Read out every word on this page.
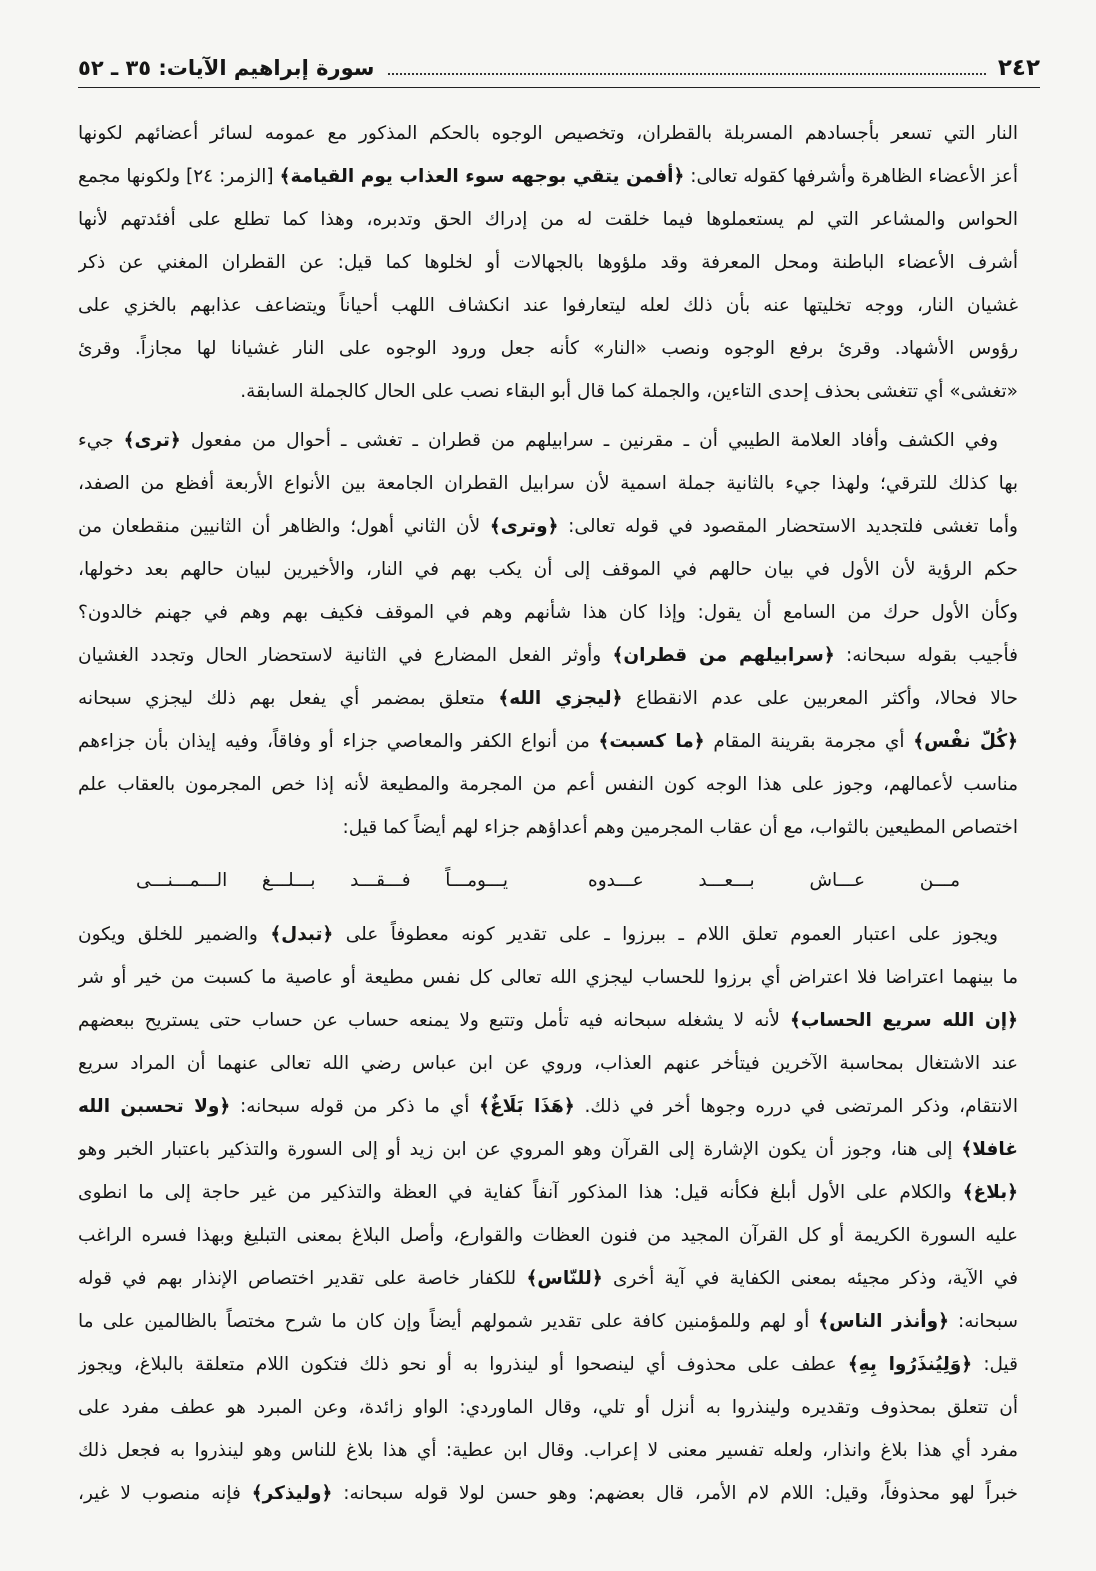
٢٤٢
سورة إبراهيم الآيات: ٣٥ ـ ٥٢
النار التي تسعر بأجسادهم المسربلة بالقطران، وتخصيص الوجوه بالحكم المذكور مع عمومه لسائر أعضائهم لكونها
أعز الأعضاء الظاهرة وأشرفها كقوله تعالى: ﴿أفمن يتقي بوجهه سوء العذاب يوم القيامة﴾ [الزمر: ٢٤] ولكونها مجمع
الحواس والمشاعر التي لم يستعملوها فيما خلقت له من إدراك الحق وتدبره، وهذا كما تطلع على أفئدتهم لأنها
أشرف الأعضاء الباطنة ومحل المعرفة وقد ملؤوها بالجهالات أو لخلوها كما قيل: عن القطران المغني عن ذكر
غشيان النار، ووجه تخليتها عنه بأن ذلك لعله ليتعارفوا عند انكشاف اللهب أحياناً ويتضاعف عذابهم بالخزي على
رؤوس الأشهاد. وقرئ برفع الوجوه ونصب «النار» كأنه جعل ورود الوجوه على النار غشيانا لها مجازاً. وقرئ
«تغشى» أي تتغشى بحذف إحدى التاءين، والجملة كما قال أبو البقاء نصب على الحال كالجملة السابقة.
وفي الكشف وأفاد العلامة الطيبي أن ـ مقرنين ـ سرابيلهم من قطران ـ تغشى ـ أحوال من مفعول ﴿ترى﴾ جيء
بها كذلك للترقي؛ ولهذا جيء بالثانية جملة اسمية لأن سرابيل القطران الجامعة بين الأنواع الأربعة أفظع من الصفد،
وأما تغشى فلتجديد الاستحضار المقصود في قوله تعالى: ﴿وترى﴾ لأن الثاني أهول؛ والظاهر أن الثانيين منقطعان من
حكم الرؤية لأن الأول في بيان حالهم في الموقف إلى أن يكب بهم في النار، والأخيرين لبيان حالهم بعد دخولها،
وكأن الأول حرك من السامع أن يقول: وإذا كان هذا شأنهم وهم في الموقف فكيف بهم وهم في جهنم خالدون؟
فأجيب بقوله سبحانه: ﴿سرابيلهم من قطران﴾ وأوثر الفعل المضارع في الثانية لاستحضار الحال وتجدد الغشيان
حالا فحالا، وأكثر المعربين على عدم الانقطاع ﴿ليجزي الله﴾ متعلق بمضمر أي يفعل بهم ذلك ليجزي سبحانه
﴿كُلّ نفْس﴾ أي مجرمة بقرينة المقام ﴿ما كسبت﴾ من أنواع الكفر والمعاصي جزاء أو وفاقاً، وفيه إيذان بأن جزاءهم
مناسب لأعمالهم، وجوز على هذا الوجه كون النفس أعم من المجرمة والمطيعة لأنه إذا خص المجرمون بالعقاب علم
اختصاص المطيعين بالثواب، مع أن عقاب المجرمين وهم أعداؤهم جزاء لهم أيضاً كما قيل:
مـــن عـــاش بـــعـــد عـــدوه
يـــومـــاً فـــقـــد بـــلـــغ الـــمـــنـــى
ويجوز على اعتبار العموم تعلق اللام ـ ببرزوا ـ على تقدير كونه معطوفاً على ﴿تبدل﴾ والضمير للخلق ويكون
ما بينهما اعتراضا فلا اعتراض أي برزوا للحساب ليجزي الله تعالى كل نفس مطيعة أو عاصية ما كسبت من خير أو شر
﴿إن الله سريع الحساب﴾ لأنه لا يشغله سبحانه فيه تأمل وتتبع ولا يمنعه حساب عن حساب حتى يستريح ببعضهم
عند الاشتغال بمحاسبة الآخرين فيتأخر عنهم العذاب، وروي عن ابن عباس رضي الله تعالى عنهما أن المراد سريع
الانتقام، وذكر المرتضى في درره وجوها أخر في ذلك. ﴿هَذَا بَلَاغٌ﴾ أي ما ذكر من قوله سبحانه: ﴿ولا تحسبن الله
غافلا﴾ إلى هنا، وجوز أن يكون الإشارة إلى القرآن وهو المروي عن ابن زيد أو إلى السورة والتذكير باعتبار الخبر وهو
﴿بلاغ﴾ والكلام على الأول أبلغ فكأنه قيل: هذا المذكور آنفاً كفاية في العظة والتذكير من غير حاجة إلى ما انطوى
عليه السورة الكريمة أو كل القرآن المجيد من فنون العظات والقوارع، وأصل البلاغ بمعنى التبليغ وبهذا فسره الراغب
في الآية، وذكر مجيئه بمعنى الكفاية في آية أخرى ﴿للنّاس﴾ للكفار خاصة على تقدير اختصاص الإنذار بهم في قوله
سبحانه: ﴿وأنذر الناس﴾ أو لهم وللمؤمنين كافة على تقدير شمولهم أيضاً وإن كان ما شرح مختصاً بالظالمين على ما
قيل: ﴿وَلِيُنذَرُوا بِهِ﴾ عطف على محذوف أي لينصحوا أو لينذروا به أو نحو ذلك فتكون اللام متعلقة بالبلاغ، ويجوز
أن تتعلق بمحذوف وتقديره ولينذروا به أنزل أو تلي، وقال الماوردي: الواو زائدة، وعن المبرد هو عطف مفرد على
مفرد أي هذا بلاغ وانذار، ولعله تفسير معنى لا إعراب. وقال ابن عطية: أي هذا بلاغ للناس وهو لينذروا به فجعل ذلك
خبراً لهو محذوفاً، وقيل: اللام لام الأمر، قال بعضهم: وهو حسن لولا قوله سبحانه: ﴿وليذكر﴾ فإنه منصوب لا غير،
